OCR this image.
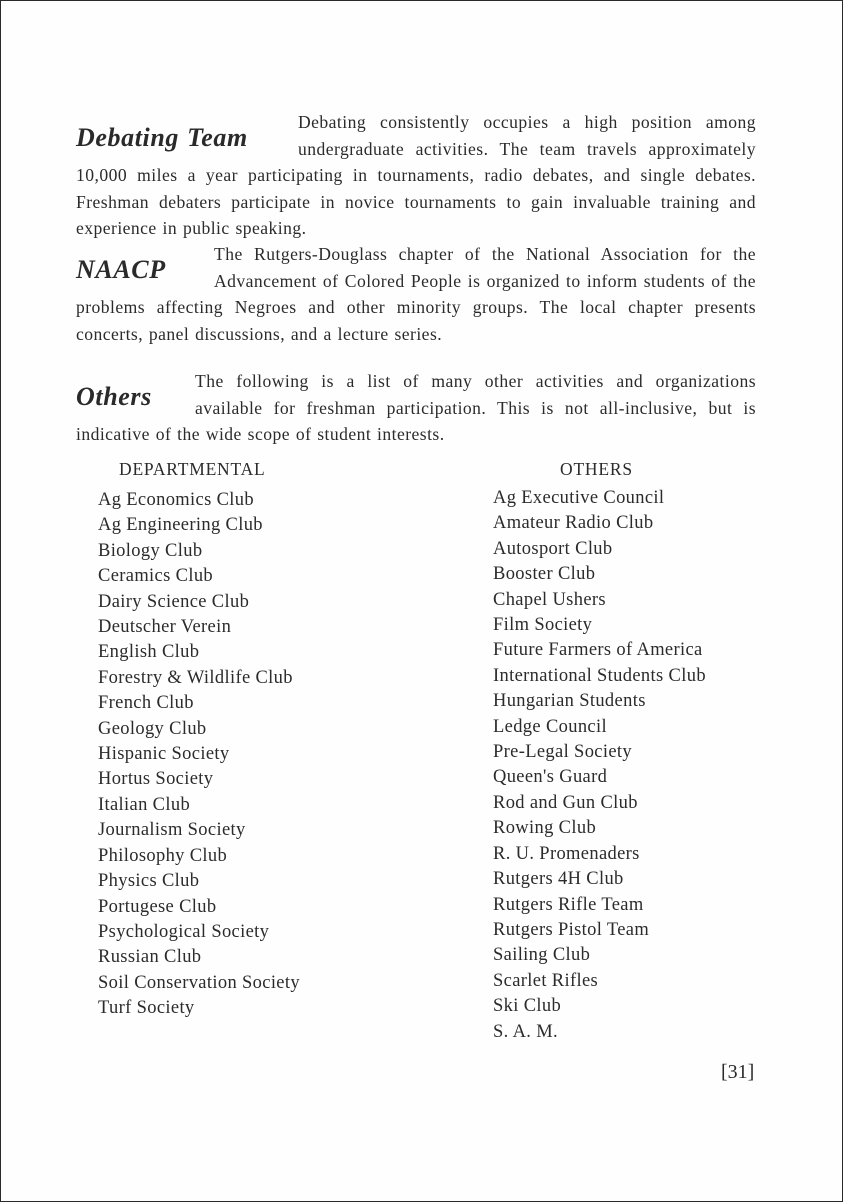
Debating Team
Debating consistently occupies a high position among undergraduate activities. The team travels approximately 10,000 miles a year participating in tournaments, radio debates, and single debates. Freshman debaters participate in novice tournaments to gain invaluable training and experience in public speaking.

NAACP
The Rutgers-Douglass chapter of the National Association for the Advancement of Colored People is organized to inform students of the problems affecting Negroes and other minority groups. The local chapter presents concerts, panel discussions, and a lecture series.

Others
The following is a list of many other activities and organizations available for freshman participation. This is not all-inclusive, but is indicative of the wide scope of student interests.

DEPARTMENTAL	OTHERS
Ag Economics Club
Ag Engineering Club
Biology Club
Ceramics Club
Dairy Science Club
Deutscher Verein
English Club
Forestry & Wildlife Club
French Club
Geology Club
Hispanic Society
Hortus Society
Italian Club
Journalism Society
Philosophy Club
Physics Club
Portugese Club
Psychological Society
Russian Club
Soil Conservation Society
Turf Society
Ag Executive Council
Amateur Radio Club
Autosport Club
Booster Club
Chapel Ushers
Film Society
Future Farmers of America
International Students Club
Hungarian Students
Ledge Council
Pre-Legal Society
Queen's Guard
Rod and Gun Club
Rowing Club
R. U. Promenaders
Rutgers 4H Club
Rutgers Rifle Team
Rutgers Pistol Team
Sailing Club
Scarlet Rifles
Ski Club
S. A. M.
[31]
